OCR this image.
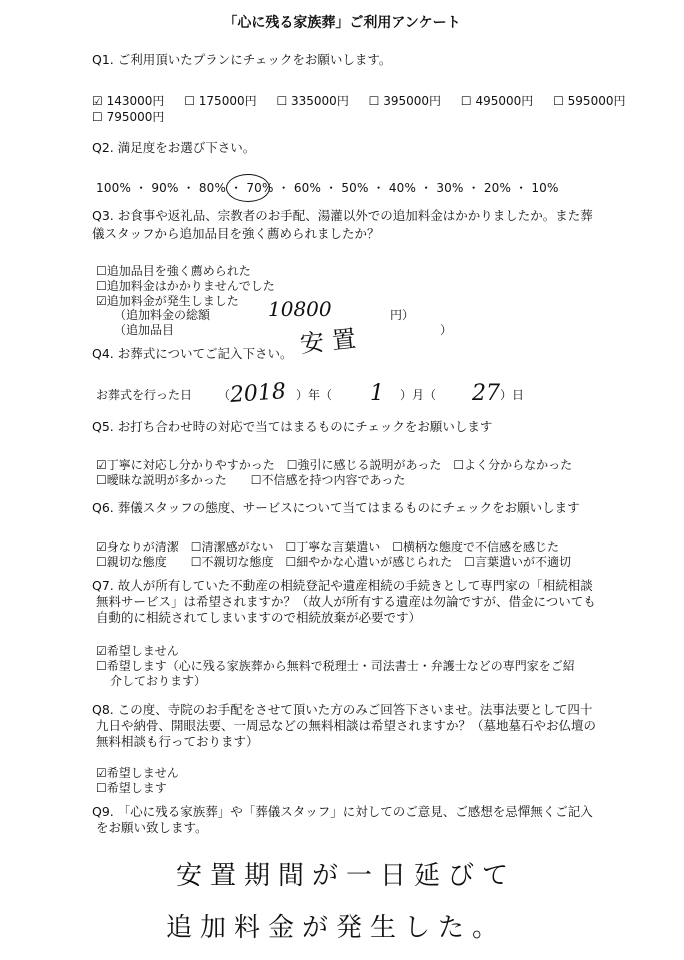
「心に残る家族葬」ご利用アンケート
Q1. ご利用頂いたプランにチェックをお願いします。
☑ 143000円 ☐ 175000円 ☐ 335000円 ☐ 395000円 ☐ 495000円 ☐ 595000円
☐ 795000円
Q2. 満足度をお選び下さい。
100% ・ 90% ・ 80% ・ 70% ・ 60% ・ 50% ・ 40% ・ 30% ・ 20% ・ 10%
Q3. お食事や返礼品、宗教者のお手配、湯灌以外での追加料金はかかりましたか。また葬
儀スタッフから追加品目を強く薦められましたか？
☐追加品目を強く薦められた
☐追加料金はかかりませんでした
☑追加料金が発生しました
（追加料金の総額	円）
10800
（追加品目	）
安置
Q4. お葬式についてご記入下さい。
お葬式を行った日 （ 2018 ）年（ 1 ）月（ 27 ）日
Q5. お打ち合わせ時の対応で当てはまるものにチェックをお願いします
☑丁寧に対応し分かりやすかった　☐強引に感じる説明があった　☐よく分からなかった
☐曖昧な説明が多かった　　☐不信感を持つ内容であった
Q6. 葬儀スタッフの態度、サービスについて当てはまるものにチェックをお願いします
☑身なりが清潔　☐清潔感がない　☐丁寧な言葉遣い　☐横柄な態度で不信感を感じた
☐親切な態度　　☐不親切な態度　☐細やかな心遣いが感じられた　☐言葉遣いが不適切
Q7. 故人が所有していた不動産の相続登記や遺産相続の手続きとして専門家の「相続相談
無料サービス」は希望されますか？（故人が所有する遺産は勿論ですが、借金についても
自動的に相続されてしまいますので相続放棄が必要です）
☑希望しません
☐希望します（心に残る家族葬から無料で税理士・司法書士・弁護士などの専門家をご紹
介しております）
Q8. この度、寺院のお手配をさせて頂いた方のみご回答下さいませ。法事法要として四十
九日や納骨、開眼法要、一周忌などの無料相談は希望されますか？（墓地墓石やお仏壇の
無料相談も行っております）
☑希望しません
☐希望します
Q9. 「心に残る家族葬」や「葬儀スタッフ」に対してのご意見、ご感想を忌憚無くご記入
をお願い致します。
安置期間が一日延びて
追加料金が発生した。
